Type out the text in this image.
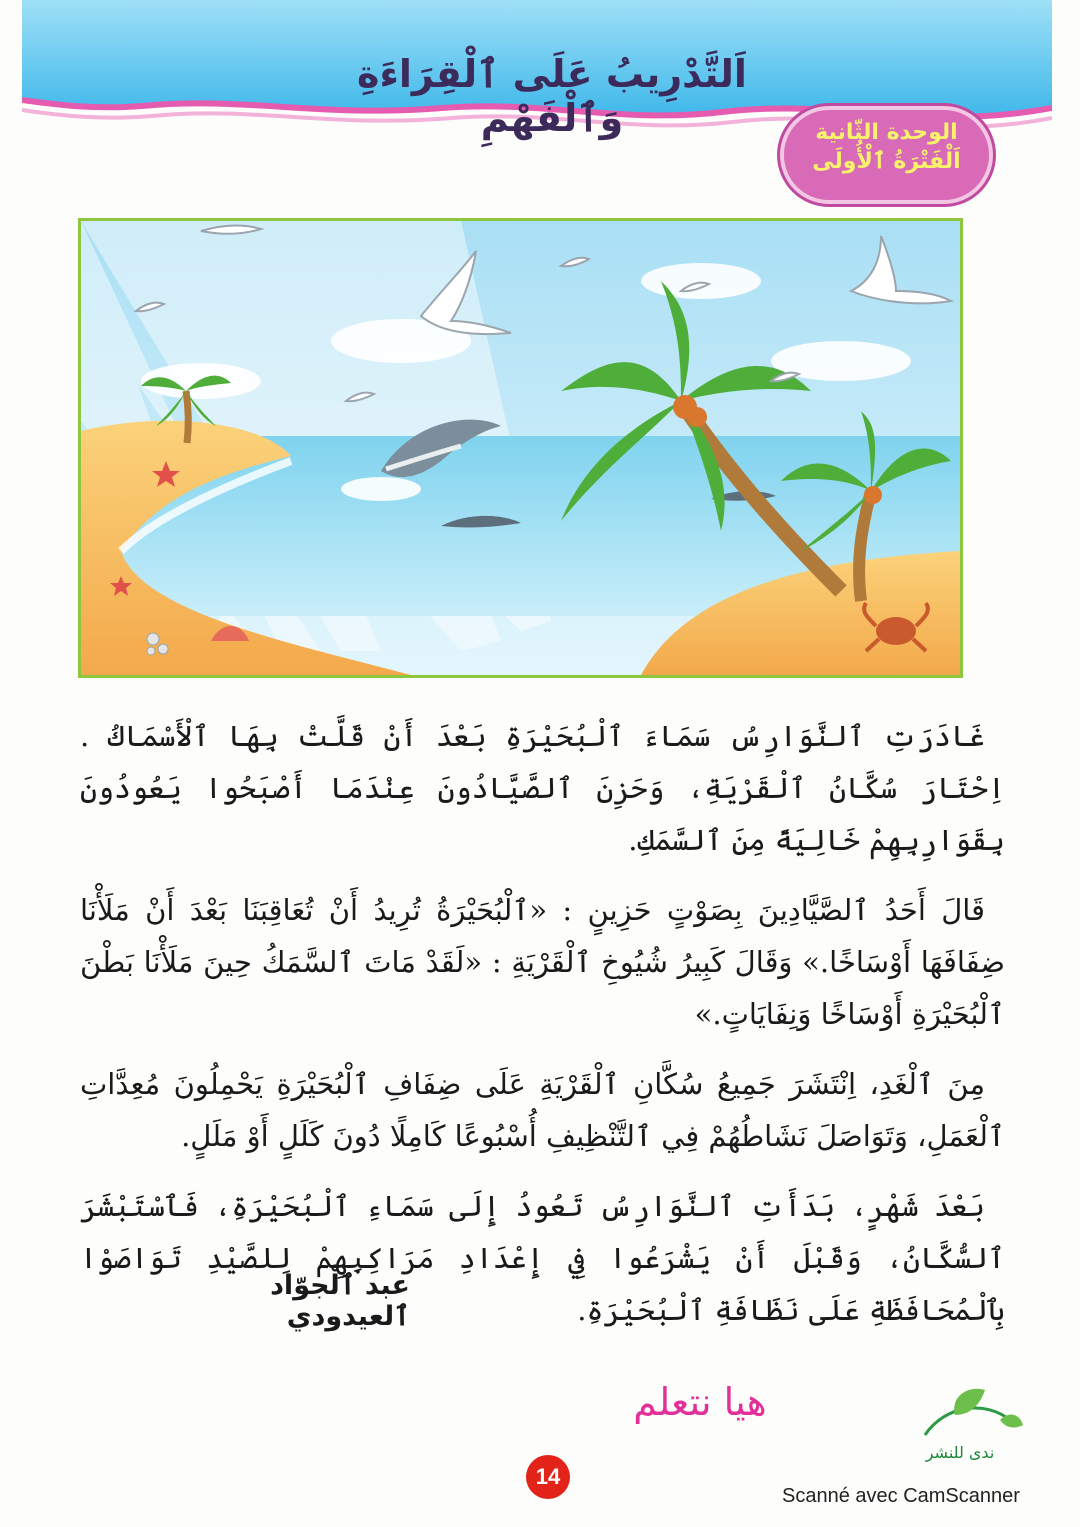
اَلتَّدْرِيبُ عَلَى ٱلْقِرَاءَةِ وَٱلْفَهْمِ	الوحدة الثّانية
اَلْفَتْرَةُ ٱلْأُولَى

غَادَرَتِ ٱلنَّوَارِسُ سَمَاءَ ٱلْبُحَيْرَةِ بَعْدَ أَنْ قَلَّتْ بِهَا ٱلْأَسْمَاكُ . اِحْتَارَ سُكَّانُ ٱلْقَرْيَةِ، وَحَزِنَ ٱلصَّيَّادُونَ عِنْدَمَا أَصْبَحُوا يَعُودُونَ بِقَوَارِبِهِمْ خَالِيَةً مِنَ ٱلسَّمَكِ.

قَالَ أَحَدُ ٱلصَّيَّادِينَ بِصَوْتٍ حَزِينٍ : «ٱلْبُحَيْرَةُ تُرِيدُ أَنْ تُعَاقِبَنَا بَعْدَ أَنْ مَلَأْنَا ضِفَافَهَا أَوْسَاخًا.» وَقَالَ كَبِيرُ شُيُوخِ ٱلْقَرْيَةِ : «لَقَدْ مَاتَ ٱلسَّمَكُ حِينَ مَلَأْنَا بَطْنَ ٱلْبُحَيْرَةِ أَوْسَاخًا وَنِفَايَاتٍ.»

مِنَ ٱلْغَدِ، اِنْتَشَرَ جَمِيعُ سُكَّانِ ٱلْقَرْيَةِ عَلَى ضِفَافِ ٱلْبُحَيْرَةِ يَحْمِلُونَ مُعِدَّاتِ ٱلْعَمَلِ، وَتَوَاصَلَ نَشَاطُهُمْ فِي ٱلتَّنْظِيفِ أُسْبُوعًا كَامِلًا دُونَ كَلَلٍ أَوْ مَلَلٍ.

بَعْدَ شَهْرٍ، بَدَأَتِ ٱلنَّوَارِسُ تَعُودُ إِلَى سَمَاءِ ٱلْبُحَيْرَةِ، فَٱسْتَبْشَرَ ٱلسُّكَّانُ، وَقَبْلَ أَنْ يَشْرَعُوا فِي إِعْدَادِ مَرَاكِبِهِمْ لِلصَّيْدِ تَوَاصَوْا بِٱلْمُحَافَظَةِ عَلَى نَظَافَةِ ٱلْبُحَيْرَةِ.

عبد ٱلْجوّاد ٱلعيدودي
14
هيا نتعلم
ندى للنشر
Scanné avec CamScanner
